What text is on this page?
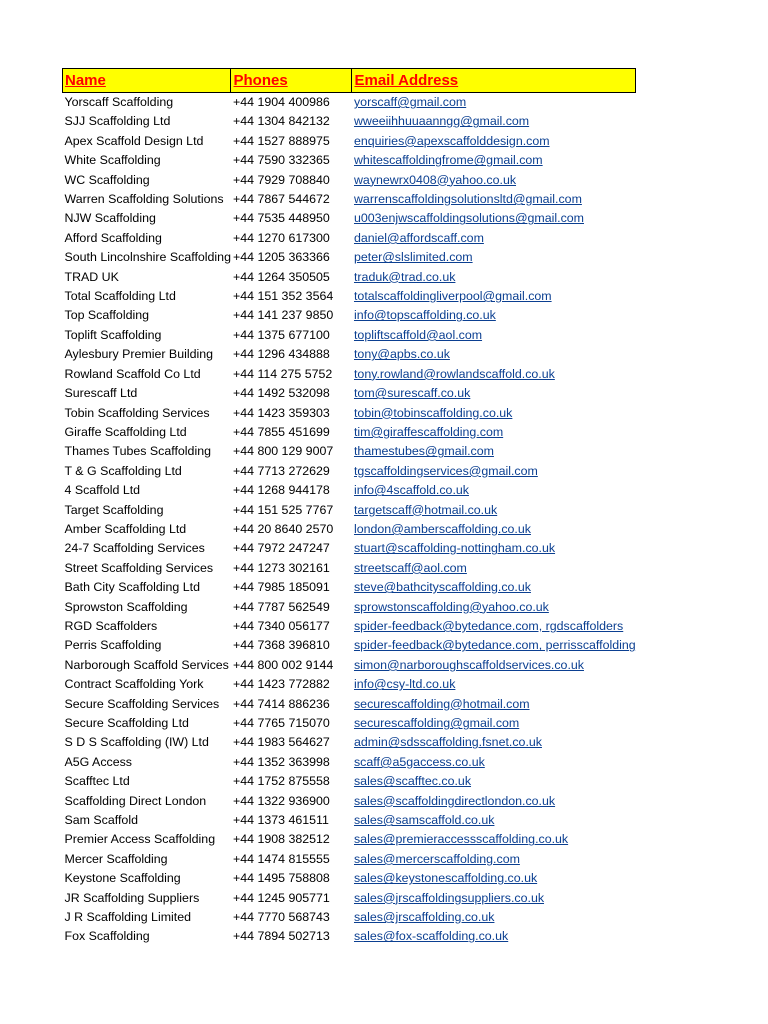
Name	Phones	Email Address
Yorscaff Scaffolding	+44 1904 400986	yorscaff@gmail.com
SJJ Scaffolding Ltd	+44 1304 842132	wweeiihhuuaanngg@gmail.com
Apex Scaffold Design Ltd	+44 1527 888975	enquiries@apexscaffolddesign.com
White Scaffolding	+44 7590 332365	whitescaffoldingfrome@gmail.com
WC Scaffolding	+44 7929 708840	waynewrx0408@yahoo.co.uk
Warren Scaffolding Solutions	+44 7867 544672	warrenscaffoldingsolutionsltd@gmail.com
NJW Scaffolding	+44 7535 448950	u003enjwscaffoldingsolutions@gmail.com
Afford Scaffolding	+44 1270 617300	daniel@affordscaff.com
South Lincolnshire Scaffolding	+44 1205 363366	peter@slslimited.com
TRAD UK	+44 1264 350505	traduk@trad.co.uk
Total Scaffolding Ltd	+44 151 352 3564	totalscaffoldingliverpool@gmail.com
Top Scaffolding	+44 141 237 9850	info@topscaffolding.co.uk
Toplift Scaffolding	+44 1375 677100	topliftscaffold@aol.com
Aylesbury Premier Building	+44 1296 434888	tony@apbs.co.uk
Rowland Scaffold Co Ltd	+44 114 275 5752	tony.rowland@rowlandscaffold.co.uk
Surescaff Ltd	+44 1492 532098	tom@surescaff.co.uk
Tobin Scaffolding Services	+44 1423 359303	tobin@tobinscaffolding.co.uk
Giraffe Scaffolding Ltd	+44 7855 451699	tim@giraffescaffolding.com
Thames Tubes Scaffolding	+44 800 129 9007	thamestubes@gmail.com
T & G Scaffolding Ltd	+44 7713 272629	tgscaffoldingservices@gmail.com
4 Scaffold Ltd	+44 1268 944178	info@4scaffold.co.uk
Target Scaffolding	+44 151 525 7767	targetscaff@hotmail.co.uk
Amber Scaffolding Ltd	+44 20 8640 2570	london@amberscaffolding.co.uk
24-7 Scaffolding Services	+44 7972 247247	stuart@scaffolding-nottingham.co.uk
Street Scaffolding Services	+44 1273 302161	streetscaff@aol.com
Bath City Scaffolding Ltd	+44 7985 185091	steve@bathcityscaffolding.co.uk
Sprowston Scaffolding	+44 7787 562549	sprowstonscaffolding@yahoo.co.uk
RGD Scaffolders	+44 7340 056177	spider-feedback@bytedance.com, rgdscaffolders
Perris Scaffolding	+44 7368 396810	spider-feedback@bytedance.com, perrisscaffolding
Narborough Scaffold Services	+44 800 002 9144	simon@narboroughscaffoldservices.co.uk
Contract Scaffolding York	+44 1423 772882	info@csy-ltd.co.uk
Secure Scaffolding Services	+44 7414 886236	securescaffolding@hotmail.com
Secure Scaffolding Ltd	+44 7765 715070	securescaffolding@gmail.com
S D S Scaffolding (IW) Ltd	+44 1983 564627	admin@sdsscaffolding.fsnet.co.uk
A5G Access	+44 1352 363998	scaff@a5gaccess.co.uk
Scafftec Ltd	+44 1752 875558	sales@scafftec.co.uk
Scaffolding Direct London	+44 1322 936900	sales@scaffoldingdirectlondon.co.uk
Sam Scaffold	+44 1373 461511	sales@samscaffold.co.uk
Premier Access Scaffolding	+44 1908 382512	sales@premieraccessscaffolding.co.uk
Mercer Scaffolding	+44 1474 815555	sales@mercerscaffolding.com
Keystone Scaffolding	+44 1495 758808	sales@keystonescaffolding.co.uk
JR Scaffolding Suppliers	+44 1245 905771	sales@jrscaffoldingsuppliers.co.uk
J R Scaffolding Limited	+44 7770 568743	sales@jrscaffolding.co.uk
Fox Scaffolding	+44 7894 502713	sales@fox-scaffolding.co.uk
